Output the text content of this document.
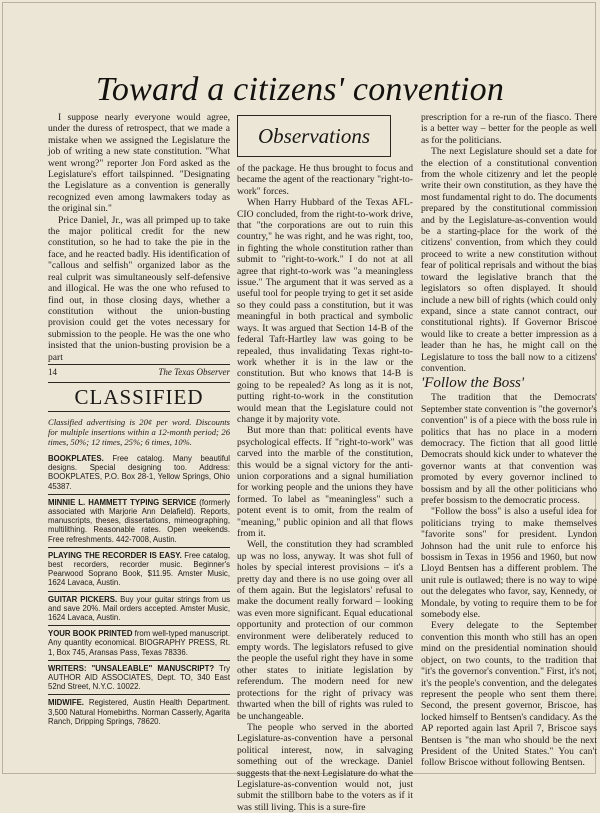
Toward a citizens' convention

I suppose nearly everyone would agree, under the duress of retrospect, that we made a mistake when we assigned the Legislature the job of writing a new state constitution. "What went wrong?" reporter Jon Ford asked as the Legislature's effort tailspinned. "Designating the Legislature as a convention is generally recognized even among lawmakers today as the original sin."

Price Daniel, Jr., was all primped up to take the major political credit for the new constitution, so he had to take the pie in the face, and he reacted badly. His identification of "callous and selfish" organized labor as the real culprit was simultaneously self-defensive and illogical. He was the one who refused to find out, in those closing days, whether a constitution without the union-busting provision could get the votes necessary for submission to the people. He was the one who insisted that the union-busting provision be a part

14	The Texas Observer
CLASSIFIED
Classified advertising is 20¢ per word. Discounts for multiple insertions within a 12-month period; 26 times, 50%; 12 times, 25%; 6 times, 10%.
BOOKPLATES. Free catalog. Many beautiful designs. Special designing too. Address: BOOKPLATES, P.O. Box 28-1, Yellow Springs, Ohio 45387.
MINNIE L. HAMMETT TYPING SERVICE (formerly associated with Marjorie Ann Delafield). Reports, manuscripts, theses, dissertations, mimeographing, multilithing. Reasonable rates. Open weekends. Free refreshments. 442-7008, Austin.
PLAYING THE RECORDER IS EASY. Free catalog, best recorders, recorder music. Beginner's Pearwood Soprano Book, $11.95. Amster Music, 1624 Lavaca, Austin.
GUITAR PICKERS. Buy your guitar strings from us and save 20%. Mail orders accepted. Amster Music, 1624 Lavaca, Austin.
YOUR BOOK PRINTED from well-typed manuscript. Any quantity economical. BIOGRAPHY PRESS, Rt. 1, Box 745, Aransas Pass, Texas 78336.
WRITERS: "UNSALEABLE" MANUSCRIPT? Try AUTHOR AID ASSOCIATES, Dept. TO, 340 East 52nd Street, N.Y.C. 10022.
MIDWIFE. Registered, Austin Health Department. 3,500 Natural Homebirths. Norman Casserly, Agarita Ranch, Dripping Springs, 78620.
Observations

of the package. He thus brought to focus and became the agent of the reactionary "right-to-work" forces.

When Harry Hubbard of the Texas AFL-CIO concluded, from the right-to-work drive, that "the corporations are out to ruin this country," he was right, and he was right, too, in fighting the whole constitution rather than submit to "right-to-work." I do not at all agree that right-to-work was "a meaningless issue." The argument that it was served as a useful tool for people trying to get it set aside so they could pass a constitution, but it was meaningful in both practical and symbolic ways. It was argued that Section 14-B of the federal Taft-Hartley law was going to be repealed, thus invalidating Texas right-to-work whether it is in the law or the constitution. But who knows that 14-B is going to be repealed? As long as it is not, putting right-to-work in the constitution would mean that the Legislature could not change it by majority vote.

But more than that: political events have psychological effects. If "right-to-work" was carved into the marble of the constitution, this would be a signal victory for the anti-union corporations and a signal humiliation for working people and the unions they have formed. To label as "meaningless" such a potent event is to omit, from the realm of "meaning," public opinion and all that flows from it.

Well, the constitution they had scrambled up was no loss, anyway. It was shot full of holes by special interest provisions – it's a pretty day and there is no use going over all of them again. But the legislators' refusal to make the document really forward – looking was even more significant. Equal educational opportunity and protection of our common environment were deliberately reduced to empty words. The legislators refused to give the people the useful right they have in some other states to initiate legislation by referendum. The modern need for new protections for the right of privacy was thwarted when the bill of rights was ruled to be unchangeable.

The people who served in the aborted Legislature-as-convention have a personal political interest, now, in salvaging something out of the wreckage. Daniel suggests that the next Legislature do what the Legislature-as-convention would not, just submit the stillborn babe to the voters as if it was still living. This is a sure-fire

prescription for a re-run of the fiasco. There is a better way – better for the people as well as for the politicians.

The next Legislature should set a date for the election of a constitutional convention from the whole citizenry and let the people write their own constitution, as they have the most fundamental right to do. The documents prepared by the constitutional commission and by the Legislature-as-convention would be a starting-place for the work of the citizens' convention, from which they could proceed to write a new constitution without fear of political reprisals and without the bias toward the legislative branch that the legislators so often displayed. It should include a new bill of rights (which could only expand, since a state cannot contract, our constitutional rights). If Governor Briscoe would like to create a better impression as a leader than he has, he might call on the Legislature to toss the ball now to a citizens' convention.

'Follow the Boss'

The tradition that the Democrats' September state convention is "the governor's convention" is of a piece with the boss rule in politics that has no place in a modern democracy. The fiction that all good little Democrats should kick under to whatever the governor wants at that convention was promoted by every governor inclined to bossism and by all the other politicians who prefer bossism to the democratic process.

"Follow the boss" is also a useful idea for politicians trying to make themselves "favorite sons" for president. Lyndon Johnson had the unit rule to enforce his bossism in Texas in 1956 and 1960, but now Lloyd Bentsen has a different problem. The unit rule is outlawed; there is no way to wipe out the delegates who favor, say, Kennedy, or Mondale, by voting to require them to be for somebody else.

Every delegate to the September convention this month who still has an open mind on the presidential nomination should object, on two counts, to the tradition that "it's the governor's convention." First, it's not, it's the people's convention, and the delegates represent the people who sent them there. Second, the present governor, Briscoe, has locked himself to Bentsen's candidacy. As the AP reported again last April 7, Briscoe says Bentsen is "the man who should be the next President of the United States." You can't follow Briscoe without following Bentsen.
